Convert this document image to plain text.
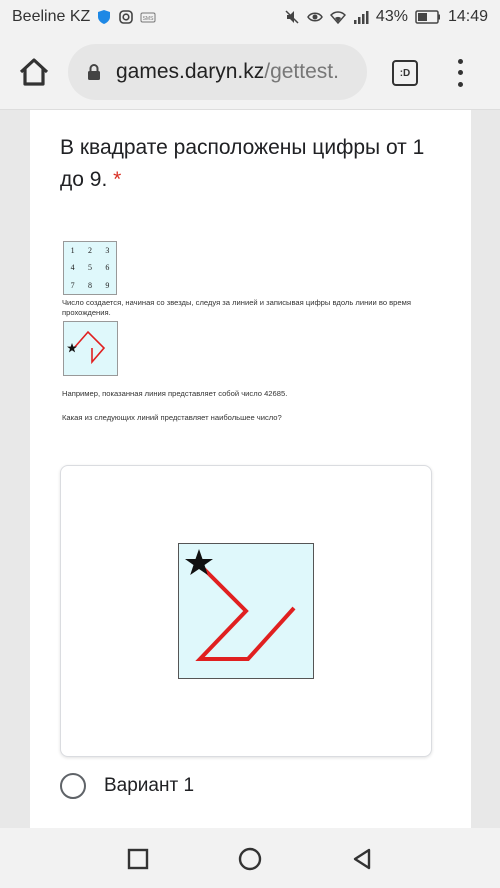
Beeline KZ	SMS	43%	14:49
games.daryn.kz /gettest.	:D
В квадрате расположены цифры от 1 до 9. *
1	2	3
4	5	6
7	8	9
Число создается, начиная со звезды, следуя за линией и записывая цифры вдоль линии во время прохождения.
Например, показанная линия представляет собой число 42685.
Какая из следующих линий представляет наибольшее число?
Вариант 1
